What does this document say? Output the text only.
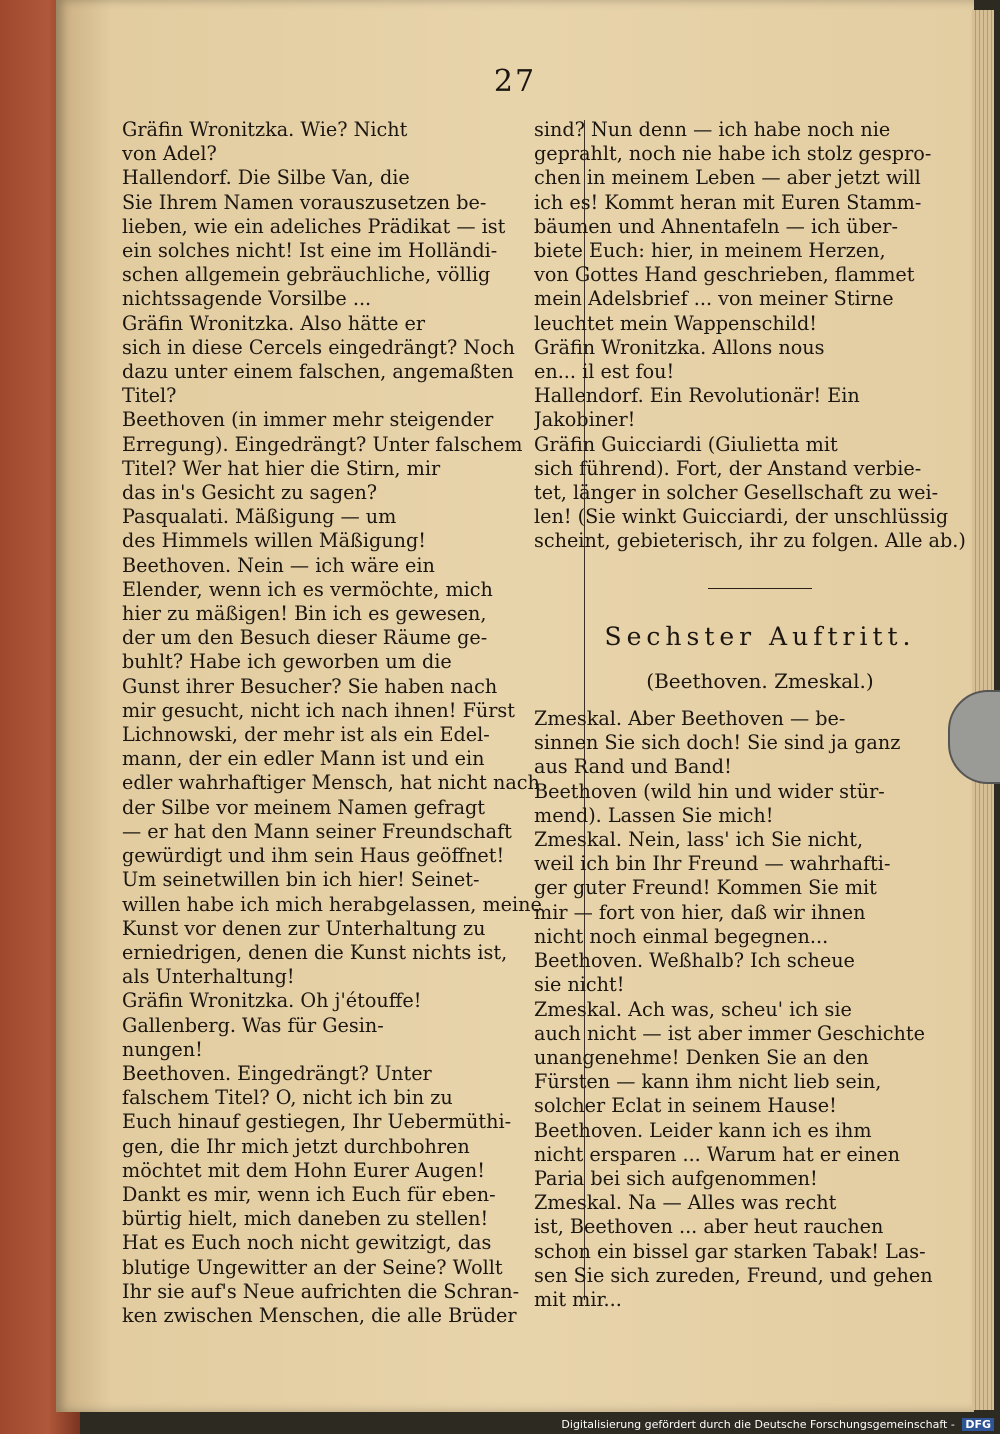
27
Gräfin Wronitzka. Wie? Nicht
von Adel?
Hallendorf. Die Silbe Van, die
Sie Ihrem Namen vorauszusetzen be-
lieben, wie ein adeliches Prädikat — ist
ein solches nicht! Ist eine im Holländi-
schen allgemein gebräuchliche, völlig
nichtssagende Vorsilbe ...
Gräfin Wronitzka. Also hätte er
sich in diese Cercels eingedrängt? Noch
dazu unter einem falschen, angemaßten
Titel?
Beethoven (in immer mehr steigender
Erregung). Eingedrängt? Unter falschem
Titel? Wer hat hier die Stirn, mir
das in's Gesicht zu sagen?
Pasqualati. Mäßigung — um
des Himmels willen Mäßigung!
Beethoven. Nein — ich wäre ein
Elender, wenn ich es vermöchte, mich
hier zu mäßigen! Bin ich es gewesen,
der um den Besuch dieser Räume ge-
buhlt? Habe ich geworben um die
Gunst ihrer Besucher? Sie haben nach
mir gesucht, nicht ich nach ihnen! Fürst
Lichnowski, der mehr ist als ein Edel-
mann, der ein edler Mann ist und ein
edler wahrhaftiger Mensch, hat nicht nach
der Silbe vor meinem Namen gefragt
— er hat den Mann seiner Freundschaft
gewürdigt und ihm sein Haus geöffnet!
Um seinetwillen bin ich hier! Seinet-
willen habe ich mich herabgelassen, meine
Kunst vor denen zur Unterhaltung zu
erniedrigen, denen die Kunst nichts ist,
als Unterhaltung!
Gräfin Wronitzka. Oh j'étouffe!
Gallenberg. Was für Gesin-
nungen!
Beethoven. Eingedrängt? Unter
falschem Titel? O, nicht ich bin zu
Euch hinauf gestiegen, Ihr Uebermüthi-
gen, die Ihr mich jetzt durchbohren
möchtet mit dem Hohn Eurer Augen!
Dankt es mir, wenn ich Euch für eben-
bürtig hielt, mich daneben zu stellen!
Hat es Euch noch nicht gewitzigt, das
blutige Ungewitter an der Seine? Wollt
Ihr sie auf's Neue aufrichten die Schran-
ken zwischen Menschen, die alle Brüder
sind? Nun denn — ich habe noch nie
geprahlt, noch nie habe ich stolz gespro-
chen in meinem Leben — aber jetzt will
ich es! Kommt heran mit Euren Stamm-
bäumen und Ahnentafeln — ich über-
biete Euch: hier, in meinem Herzen,
von Gottes Hand geschrieben, flammet
mein Adelsbrief ... von meiner Stirne
leuchtet mein Wappenschild!
Gräfin Wronitzka. Allons nous
en... il est fou!
Hallendorf. Ein Revolutionär! Ein
Jakobiner!
Gräfin Guicciardi (Giulietta mit
sich führend). Fort, der Anstand verbie-
tet, länger in solcher Gesellschaft zu wei-
len! (Sie winkt Guicciardi, der unschlüssig
scheint, gebieterisch, ihr zu folgen. Alle ab.)
Sechster Auftritt.
(Beethoven. Zmeskal.)
Zmeskal. Aber Beethoven — be-
sinnen Sie sich doch! Sie sind ja ganz
aus Rand und Band!
Beethoven (wild hin und wider stür-
mend). Lassen Sie mich!
Zmeskal. Nein, lass' ich Sie nicht,
weil ich bin Ihr Freund — wahrhafti-
ger guter Freund! Kommen Sie mit
mir — fort von hier, daß wir ihnen
nicht noch einmal begegnen...
Beethoven. Weßhalb? Ich scheue
sie nicht!
Zmeskal. Ach was, scheu' ich sie
auch nicht — ist aber immer Geschichte
unangenehme! Denken Sie an den
Fürsten — kann ihm nicht lieb sein,
solcher Eclat in seinem Hause!
Beethoven. Leider kann ich es ihm
nicht ersparen ... Warum hat er einen
Paria bei sich aufgenommen!
Zmeskal. Na — Alles was recht
ist, Beethoven ... aber heut rauchen
schon ein bissel gar starken Tabak! Las-
sen Sie sich zureden, Freund, und gehen
mit mir...
Digitalisierung gefördert durch die Deutsche Forschungsgemeinschaft - DFG
